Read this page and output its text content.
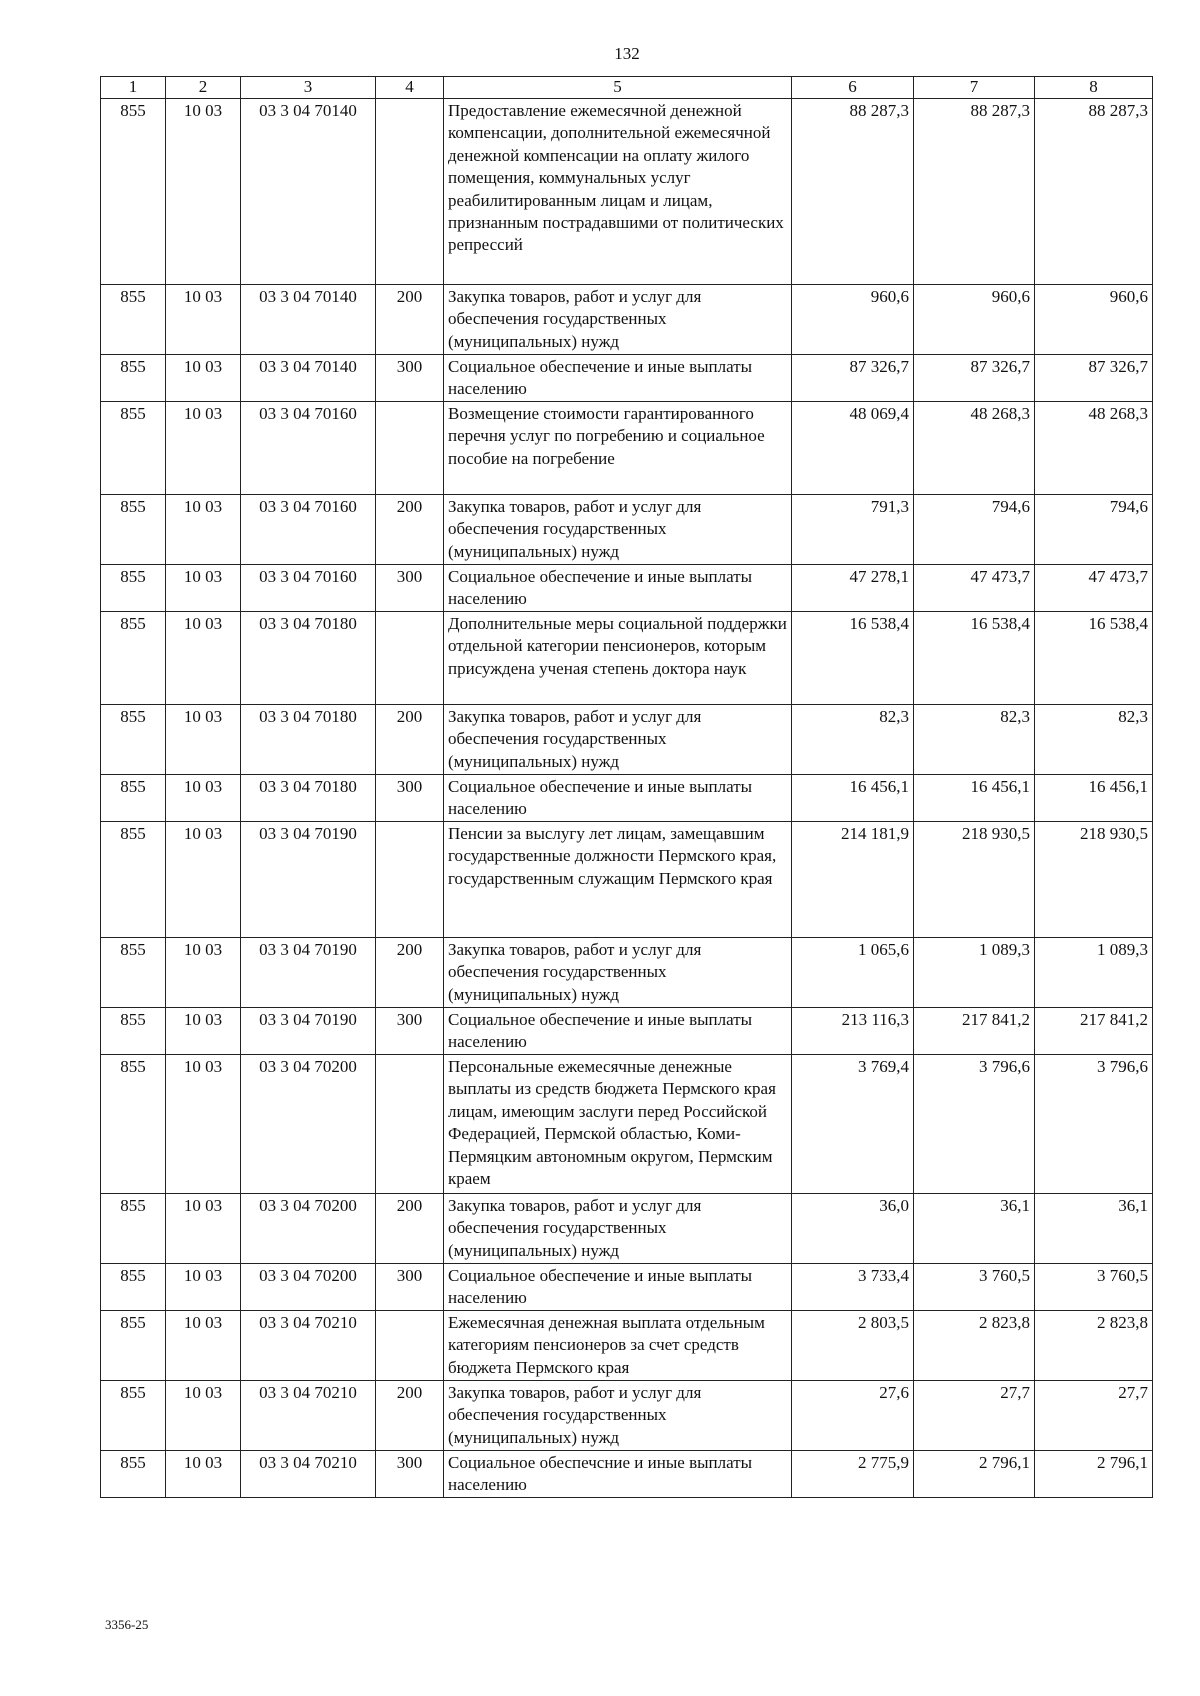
132
1	2	3	4	5	6	7	8
855	10 03	03 3 04 70140		Предоставление ежемесячной денежной компенсации, дополнительной ежемесячной денежной компенсации на оплату жилого помещения, коммунальных услуг реабилитированным лицам и лицам, признанным пострадавшими от политических репрессий	88 287,3	88 287,3	88 287,3
855	10 03	03 3 04 70140	200	Закупка товаров, работ и услуг для обеспечения государственных (муниципальных) нужд	960,6	960,6	960,6
855	10 03	03 3 04 70140	300	Социальное обеспечение и иные выплаты населению	87 326,7	87 326,7	87 326,7
855	10 03	03 3 04 70160		Возмещение стоимости гарантированного перечня услуг по погребению и социальное пособие на погребение	48 069,4	48 268,3	48 268,3
855	10 03	03 3 04 70160	200	Закупка товаров, работ и услуг для обеспечения государственных (муниципальных) нужд	791,3	794,6	794,6
855	10 03	03 3 04 70160	300	Социальное обеспечение и иные выплаты населению	47 278,1	47 473,7	47 473,7
855	10 03	03 3 04 70180		Дополнительные меры социальной поддержки отдельной категории пенсионеров, которым присуждена ученая степень доктора наук	16 538,4	16 538,4	16 538,4
855	10 03	03 3 04 70180	200	Закупка товаров, работ и услуг для обеспечения государственных (муниципальных) нужд	82,3	82,3	82,3
855	10 03	03 3 04 70180	300	Социальное обеспечение и иные выплаты населению	16 456,1	16 456,1	16 456,1
855	10 03	03 3 04 70190		Пенсии за выслугу лет лицам, замещавшим государственные должности Пермского края, государственным служащим Пермского края	214 181,9	218 930,5	218 930,5
855	10 03	03 3 04 70190	200	Закупка товаров, работ и услуг для обеспечения государственных (муниципальных) нужд	1 065,6	1 089,3	1 089,3
855	10 03	03 3 04 70190	300	Социальное обеспечение и иные выплаты населению	213 116,3	217 841,2	217 841,2
855	10 03	03 3 04 70200		Персональные ежемесячные денежные выплаты из средств бюджета Пермского края лицам, имеющим заслуги перед Российской Федерацией, Пермской областью, Коми-Пермяцким автономным округом, Пермским краем	3 769,4	3 796,6	3 796,6
855	10 03	03 3 04 70200	200	Закупка товаров, работ и услуг для обеспечения государственных (муниципальных) нужд	36,0	36,1	36,1
855	10 03	03 3 04 70200	300	Социальное обеспечение и иные выплаты населению	3 733,4	3 760,5	3 760,5
855	10 03	03 3 04 70210		Ежемесячная денежная выплата отдельным категориям пенсионеров за счет средств бюджета Пермского края	2 803,5	2 823,8	2 823,8
855	10 03	03 3 04 70210	200	Закупка товаров, работ и услуг для обеспечения государственных (муниципальных) нужд	27,6	27,7	27,7
855	10 03	03 3 04 70210	300	Социальное обеспечсние и иные выплаты населению	2 775,9	2 796,1	2 796,1
3356-25
